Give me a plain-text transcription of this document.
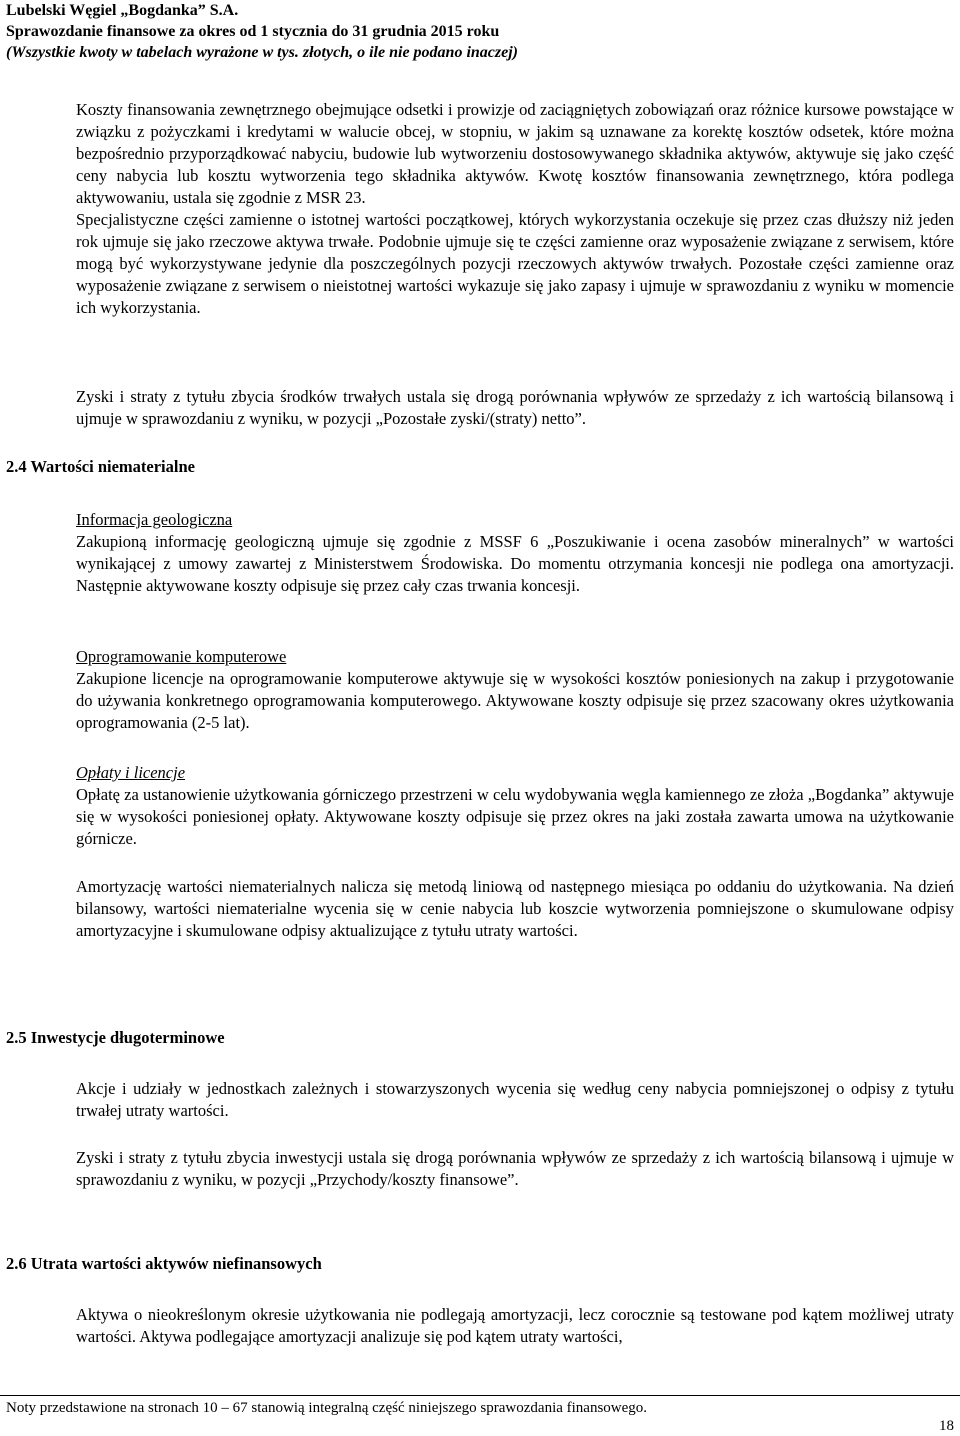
Lubelski Węgiel „Bogdanka” S.A.
Sprawozdanie finansowe za okres od 1 stycznia do 31 grudnia 2015 roku
(Wszystkie kwoty w tabelach wyrażone w tys. złotych, o ile nie podano inaczej)

Koszty finansowania zewnętrznego obejmujące odsetki i prowizje od zaciągniętych zobowiązań oraz różnice kursowe powstające w związku z pożyczkami i kredytami w walucie obcej, w stopniu, w jakim są uznawane za korektę kosztów odsetek, które można bezpośrednio przyporządkować nabyciu, budowie lub wytworzeniu dostosowywanego składnika aktywów, aktywuje się jako część ceny nabycia lub kosztu wytworzenia tego składnika aktywów. Kwotę kosztów finansowania zewnętrznego, która podlega aktywowaniu, ustala się zgodnie z MSR 23.

Specjalistyczne części zamienne o istotnej wartości początkowej, których wykorzystania oczekuje się przez czas dłuższy niż jeden rok ujmuje się jako rzeczowe aktywa trwałe. Podobnie ujmuje się te części zamienne oraz wyposażenie związane z serwisem, które mogą być wykorzystywane jedynie dla poszczególnych pozycji rzeczowych aktywów trwałych. Pozostałe części zamienne oraz wyposażenie związane z serwisem o nieistotnej wartości wykazuje się jako zapasy i ujmuje w sprawozdaniu z wyniku w momencie ich wykorzystania.

Zyski i straty z tytułu zbycia środków trwałych ustala się drogą porównania wpływów ze sprzedaży z ich wartością bilansową i ujmuje w sprawozdaniu z wyniku, w pozycji „Pozostałe zyski/(straty) netto”.
2.4 Wartości niematerialne
Informacja geologiczna

Zakupioną informację geologiczną ujmuje się zgodnie z MSSF 6 „Poszukiwanie i ocena zasobów mineralnych” w wartości wynikającej z umowy zawartej z Ministerstwem Środowiska. Do momentu otrzymania koncesji nie podlega ona amortyzacji. Następnie aktywowane koszty odpisuje się przez cały czas trwania koncesji.

Oprogramowanie komputerowe

Zakupione licencje na oprogramowanie komputerowe aktywuje się w wysokości kosztów poniesionych na zakup i przygotowanie do używania konkretnego oprogramowania komputerowego. Aktywowane koszty odpisuje się przez szacowany okres użytkowania oprogramowania (2-5 lat).

Opłaty i licencje

Opłatę za ustanowienie użytkowania górniczego przestrzeni w celu wydobywania węgla kamiennego ze złoża „Bogdanka” aktywuje się w wysokości poniesionej opłaty. Aktywowane koszty odpisuje się przez okres na jaki została zawarta umowa na użytkowanie górnicze.

Amortyzację wartości niematerialnych nalicza się metodą liniową od następnego miesiąca po oddaniu do użytkowania. Na dzień bilansowy, wartości niematerialne wycenia się w cenie nabycia lub koszcie wytworzenia pomniejszone o skumulowane odpisy amortyzacyjne i skumulowane odpisy aktualizujące z tytułu utraty wartości.
2.5 Inwestycje długoterminowe
Akcje i udziały w jednostkach zależnych i stowarzyszonych wycenia się według ceny nabycia pomniejszonej o odpisy z tytułu trwałej utraty wartości.
Zyski i straty z tytułu zbycia inwestycji ustala się drogą porównania wpływów ze sprzedaży z ich wartością bilansową i ujmuje w sprawozdaniu z wyniku, w pozycji „Przychody/koszty finansowe”.
2.6 Utrata wartości aktywów niefinansowych
Aktywa o nieokreślonym okresie użytkowania nie podlegają amortyzacji, lecz corocznie są testowane pod kątem możliwej utraty wartości. Aktywa podlegające amortyzacji analizuje się pod kątem utraty wartości,
Noty przedstawione na stronach 10 – 67 stanowią integralną część niniejszego sprawozdania finansowego.
18
